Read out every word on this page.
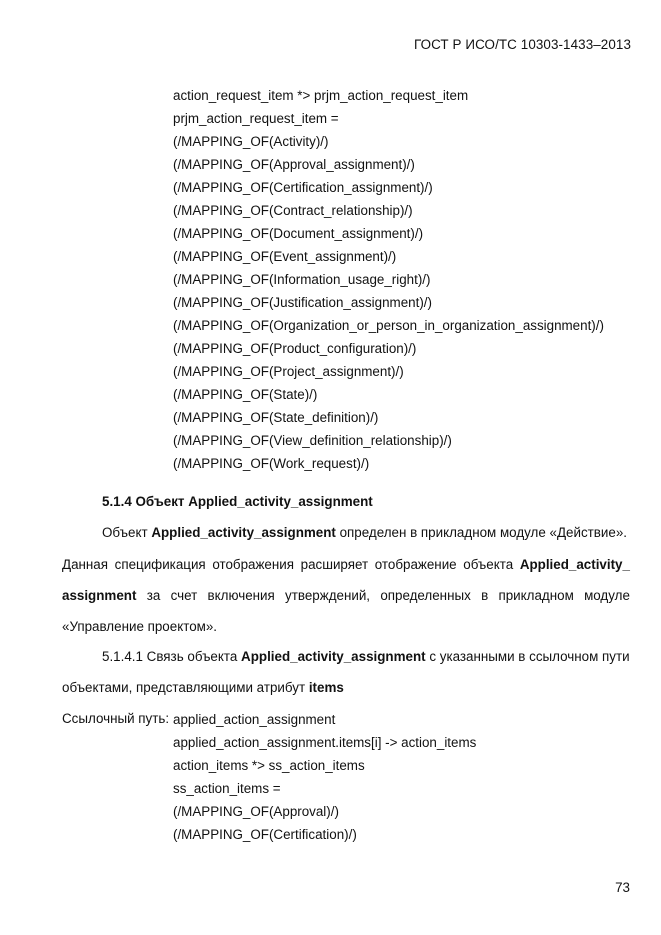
ГОСТ Р ИСО/ТС 10303-1433–2013
action_request_item *> prjm_action_request_item
prjm_action_request_item =
(/MAPPING_OF(Activity)/)
(/MAPPING_OF(Approval_assignment)/)
(/MAPPING_OF(Certification_assignment)/)
(/MAPPING_OF(Contract_relationship)/)
(/MAPPING_OF(Document_assignment)/)
(/MAPPING_OF(Event_assignment)/)
(/MAPPING_OF(Information_usage_right)/)
(/MAPPING_OF(Justification_assignment)/)
(/MAPPING_OF(Organization_or_person_in_organization_assignment)/)
(/MAPPING_OF(Product_configuration)/)
(/MAPPING_OF(Project_assignment)/)
(/MAPPING_OF(State)/)
(/MAPPING_OF(State_definition)/)
(/MAPPING_OF(View_definition_relationship)/)
(/MAPPING_OF(Work_request)/)
5.1.4 Объект Applied_activity_assignment
Объект Applied_activity_assignment определен в прикладном модуле «Действие».
Данная спецификация отображения расширяет отображение объекта Applied_activity_
assignment за счет включения утверждений, определенных в прикладном модуле
«Управление проектом».
5.1.4.1 Связь объекта Applied_activity_assignment с указанными в ссылочном пути
объектами, представляющими атрибут items
Ссылочный путь: applied_action_assignment
applied_action_assignment.items[i] -> action_items
action_items *> ss_action_items
ss_action_items =
(/MAPPING_OF(Approval)/)
(/MAPPING_OF(Certification)/)
73
